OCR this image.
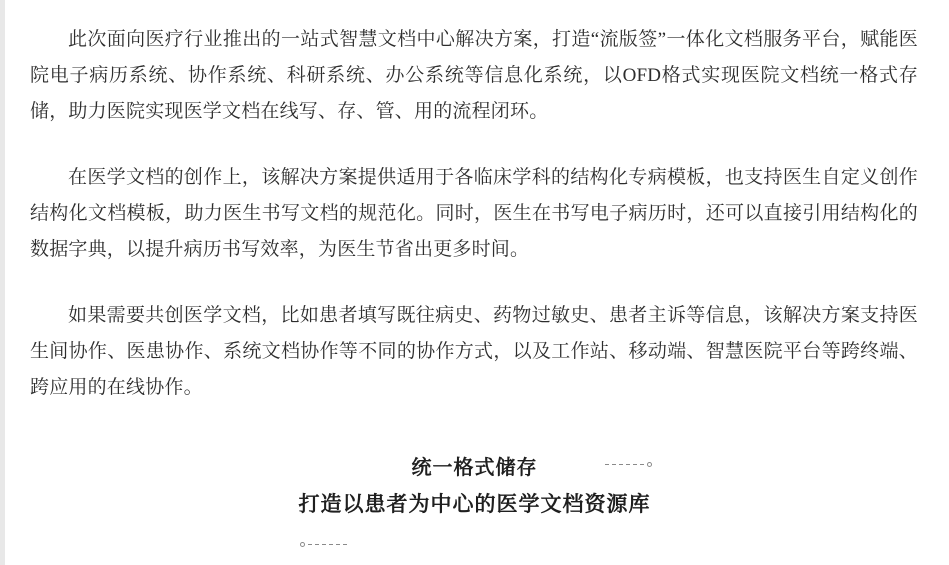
此次面向医疗行业推出的一站式智慧文档中心解决方案，打造“流版签”一体化文档服务平台，赋能医院电子病历系统、协作系统、科研系统、办公系统等信息化系统，以OFD格式实现医院文档统一格式存储，助力医院实现医学文档在线写、存、管、用的流程闭环。

在医学文档的创作上，该解决方案提供适用于各临床学科的结构化专病模板，也支持医生自定义创作结构化文档模板，助力医生书写文档的规范化。同时，医生在书写电子病历时，还可以直接引用结构化的数据字典，以提升病历书写效率，为医生节省出更多时间。

如果需要共创医学文档，比如患者填写既往病史、药物过敏史、患者主诉等信息，该解决方案支持医生间协作、医患协作、系统文档协作等不同的协作方式，以及工作站、移动端、智慧医院平台等跨终端、跨应用的在线协作。

统一格式储存
打造以患者为中心的医学文档资源库
